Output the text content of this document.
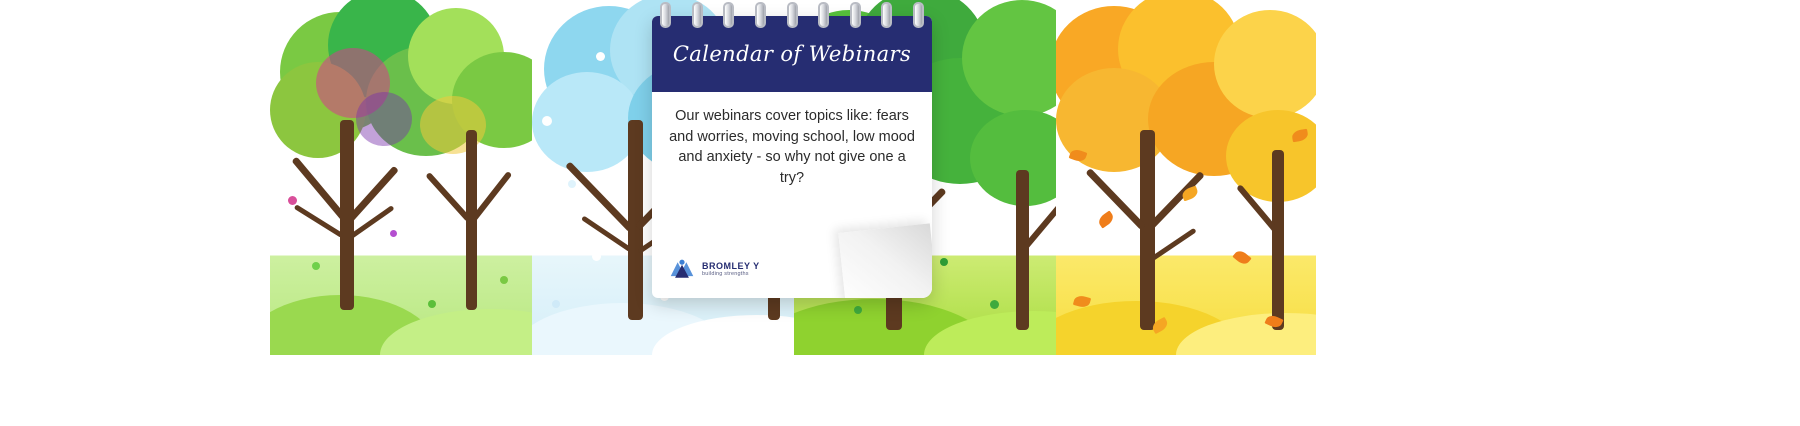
Calendar of Webinars

Our webinars cover topics like: fears and worries, moving school, low mood and anxiety - so why not give one a try?

BROMLEY Y
building strengths
